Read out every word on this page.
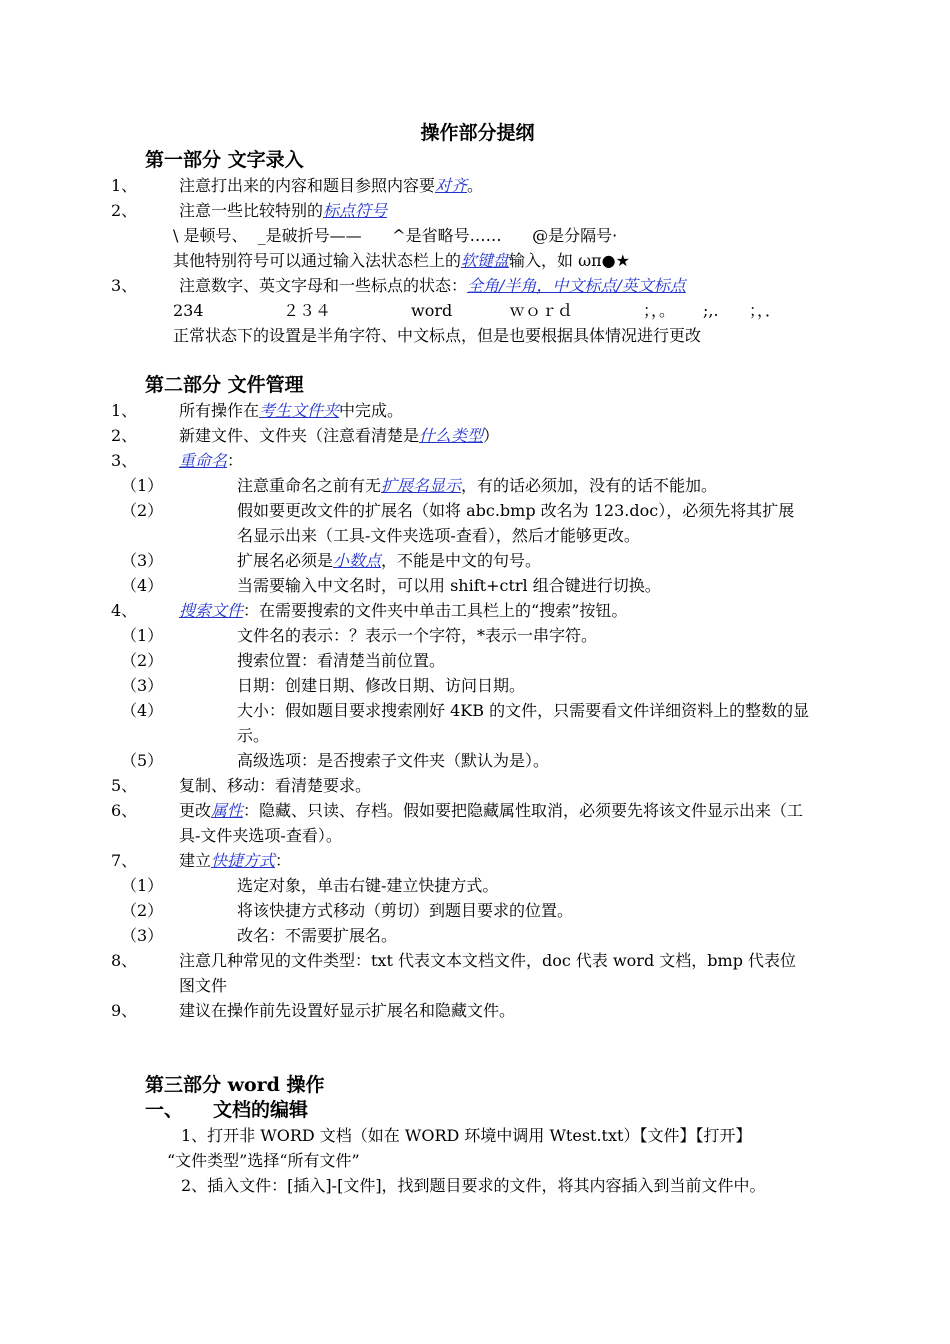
操作部分提纲
第一部分 文字录入
1、	注意打出来的内容和题目参照内容要对齐。
2、	注意一些比较特别的标点符号
\ 是顿号、  _是破折号——      ^是省略号……      @是分隔号·
其他特别符号可以通过输入法状态栏上的软键盘输入，如 ωπ●★
3、	注意数字、英文字母和一些标点的状态：全角/半角，中文标点/英文标点
234	２３４	word	ｗｏｒｄ	；，。	;,.	；，．
正常状态下的设置是半角字符、中文标点，但是也要根据具体情况进行更改
第二部分 文件管理
1、	所有操作在考生文件夹中完成。
2、	新建文件、文件夹（注意看清楚是什么类型）
3、	重命名：
（1）	注意重命名之前有无扩展名显示，有的话必须加，没有的话不能加。
（2）	假如要更改文件的扩展名（如将 abc.bmp 改名为 123.doc），必须先将其扩展名显示出来（工具-文件夹选项-查看），然后才能够更改。
（3）	扩展名必须是小数点，不能是中文的句号。
（4）	当需要输入中文名时，可以用 shift+ctrl 组合键进行切换。
4、	搜索文件：在需要搜索的文件夹中单击工具栏上的“搜索”按钮。
（1）	文件名的表示：？表示一个字符，*表示一串字符。
（2）	搜索位置：看清楚当前位置。
（3）	日期：创建日期、修改日期、访问日期。
（4）	大小：假如题目要求搜索刚好 4KB 的文件，只需要看文件详细资料上的整数的显示。
（5）	高级选项：是否搜索子文件夹（默认为是）。
5、	复制、移动：看清楚要求。
6、	更改属性：隐藏、只读、存档。假如要把隐藏属性取消，必须要先将该文件显示出来（工具-文件夹选项-查看）。
7、	建立快捷方式：
（1）	选定对象，单击右键-建立快捷方式。
（2）	将该快捷方式移动（剪切）到题目要求的位置。
（3）	改名：不需要扩展名。
8、	注意几种常见的文件类型：txt 代表文本文档文件，doc 代表 word 文档，bmp 代表位图文件
9、	建议在操作前先设置好显示扩展名和隐藏文件。
第三部分 word 操作
一、 文档的编辑
1、打开非 WORD 文档（如在 WORD 环境中调用 Wtest.txt）【文件】【打开】
“文件类型”选择“所有文件”
2、插入文件：[插入]-[文件]，找到题目要求的文件，将其内容插入到当前文件中。
